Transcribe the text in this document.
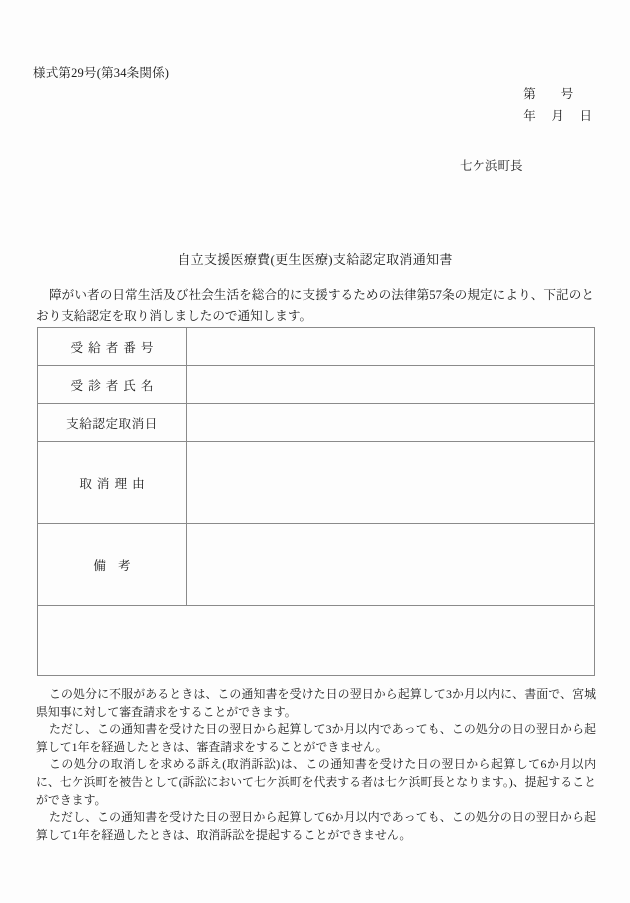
様式第29号(第34条関係)
第        号
年     月     日
七ケ浜町長
自立支援医療費(更生医療)支給認定取消通知書
障がい者の日常生活及び社会生活を総合的に支援するための法律第57条の規定により、下記のとおり支給認定を取り消しましたので通知します。
受給者番号	
受診者氏名	
支給認定取消日	
取消理由	
備考	

この処分に不服があるときは、この通知書を受けた日の翌日から起算して3か月以内に、書面で、宮城県知事に対して審査請求をすることができます。

ただし、この通知書を受けた日の翌日から起算して3か月以内であっても、この処分の日の翌日から起算して1年を経過したときは、審査請求をすることができません。

この処分の取消しを求める訴え(取消訴訟)は、この通知書を受けた日の翌日から起算して6か月以内に、七ケ浜町を被告として(訴訟において七ケ浜町を代表する者は七ケ浜町長となります。)、提起することができます。

ただし、この通知書を受けた日の翌日から起算して6か月以内であっても、この処分の日の翌日から起算して1年を経過したときは、取消訴訟を提起することができません。
